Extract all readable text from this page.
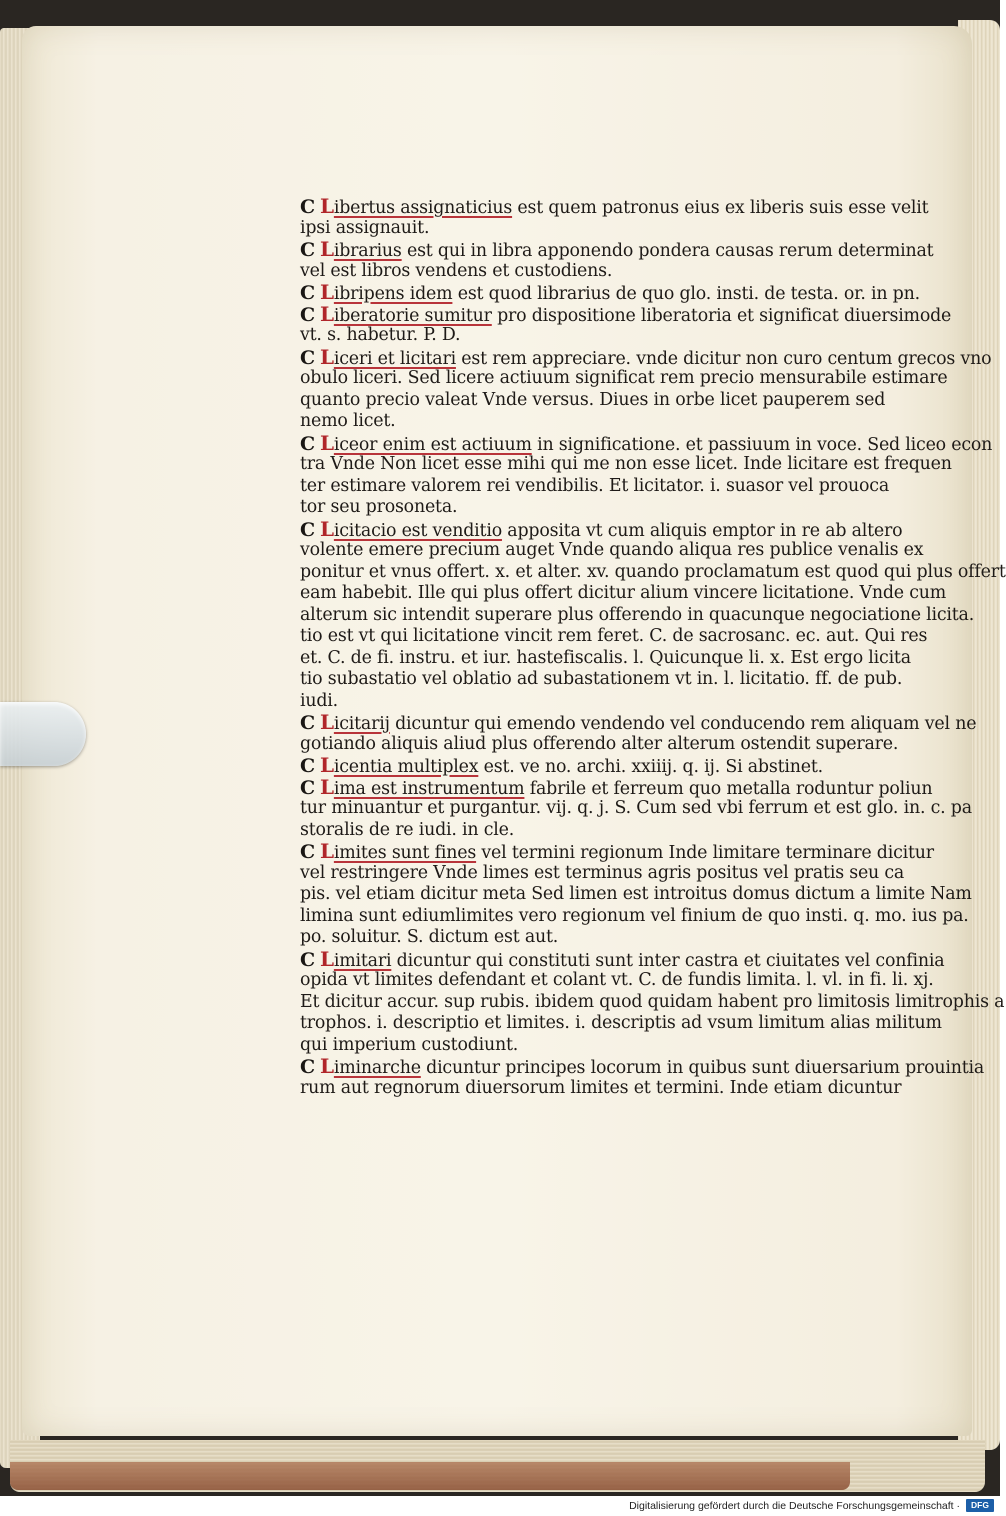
C Libertus assignaticius est quem patronus eius ex liberis suis esse velit
ipsi assignauit.
C Librarius est qui in libra apponendo pondera causas rerum determinat
vel est libros vendens et custodiens.
C Libripens idem est quod librarius de quo glo. insti. de testa. or. in pn.
C Liberatorie sumitur pro dispositione liberatoria et significat diuersimode
vt. s. habetur. P. D.
C Liceri et licitari est rem appreciare. vnde dicitur non curo centum grecos vno
obulo liceri. Sed licere actiuum significat rem precio mensurabile estimare
quanto precio valeat Vnde versus. Diues in orbe licet pauperem sed
nemo licet.
C Liceor enim est actiuum in significatione. et passiuum in voce. Sed liceo econ
tra Vnde Non licet esse mihi qui me non esse licet. Inde licitare est frequen
ter estimare valorem rei vendibilis. Et licitator. i. suasor vel prouoca
tor seu prosoneta.
C Licitacio est venditio apposita vt cum aliquis emptor in re ab altero
volente emere precium auget Vnde quando aliqua res publice venalis ex
ponitur et vnus offert. x. et alter. xv. quando proclamatum est quod qui plus offert
eam habebit. Ille qui plus offert dicitur alium vincere licitatione. Vnde cum
alterum sic intendit superare plus offerendo in quacunque negociatione licita.
tio est vt qui licitatione vincit rem feret. C. de sacrosanc. ec. aut. Qui res
et. C. de fi. instru. et iur. hastefiscalis. l. Quicunque li. x. Est ergo licita
tio subastatio vel oblatio ad subastationem vt in. l. licitatio. ff. de pub.
iudi.
C Licitarij dicuntur qui emendo vendendo vel conducendo rem aliquam vel ne
gotiando aliquis aliud plus offerendo alter alterum ostendit superare.
C Licentia multiplex est. ve no. archi. xxiiij. q. ij. Si abstinet.
C Lima est instrumentum fabrile et ferreum quo metalla roduntur poliun
tur minuantur et purgantur. vij. q. j. S. Cum sed vbi ferrum et est glo. in. c. pa
storalis de re iudi. in cle.
C Limites sunt fines vel termini regionum Inde limitare terminare dicitur
vel restringere Vnde limes est terminus agris positus vel pratis seu ca
pis. vel etiam dicitur meta Sed limen est introitus domus dictum a limite Nam
limina sunt ediumlimites vero regionum vel finium de quo insti. q. mo. ius pa.
po. soluitur. S. dictum est aut.
C Limitari dicuntur qui constituti sunt inter castra et ciuitates vel confinia
opida vt limites defendant et colant vt. C. de fundis limita. l. vl. in fi. li. xj.
Et dicitur accur. sup rubis. ibidem quod quidam habent pro limitosis limitrophis a
trophos. i. descriptio et limites. i. descriptis ad vsum limitum alias militum
qui imperium custodiunt.
C Liminarche dicuntur principes locorum in quibus sunt diuersarium prouintia
rum aut regnorum diuersorum limites et termini. Inde etiam dicuntur
Digitalisierung gefördert durch die Deutsche Forschungsgemeinschaft ·	DFG
